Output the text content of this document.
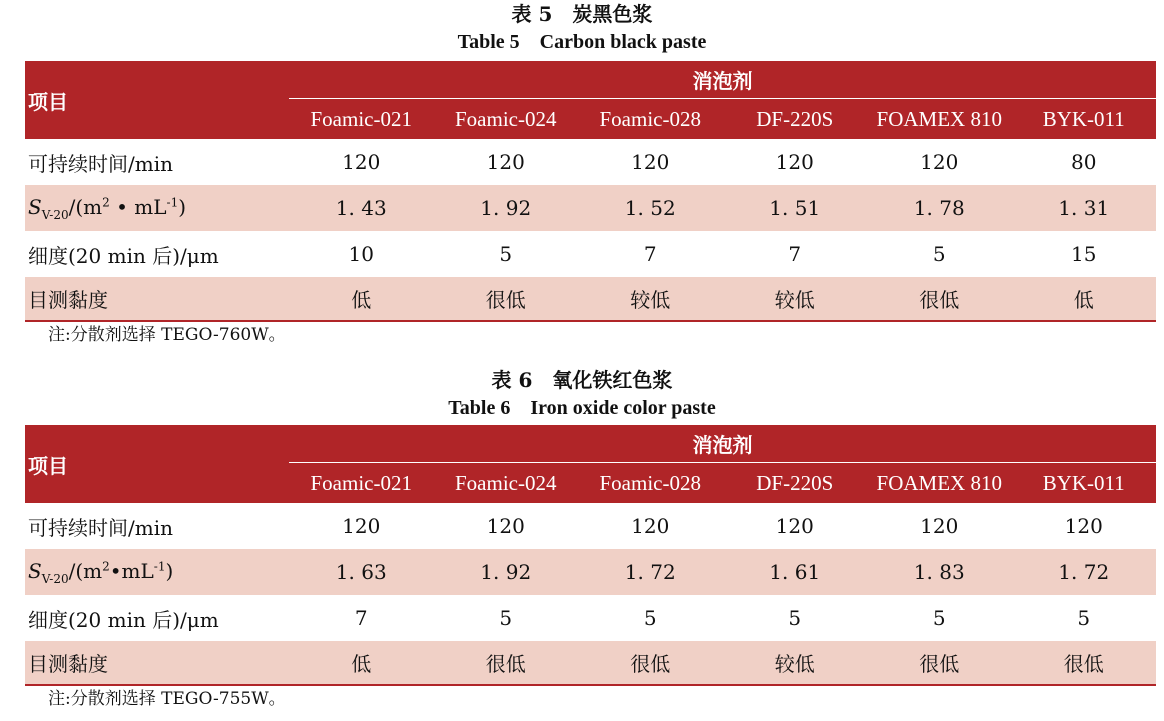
表 5　炭黑色浆
Table 5　Carbon black paste
项目	消泡剂					
	Foamic-021	Foamic-024	Foamic-028	DF-220S	FOAMEX 810	BYK-011
可持续时间/min	120	120	120	120	120	80
$S_{V-20}/(m^2$ • $mL^{-1}$)	1. 43	1. 92	1. 52	1. 51	1. 78	1. 31
细度(20 min 后)/μm	10	5	7	7	5	15
目测黏度	低	很低	较低	较低	很低	低
注:分散剂选择 TEGO-760W。
表 6　氧化铁红色浆
Table 6　Iron oxide color paste
项目	消泡剂					
	Foamic-021	Foamic-024	Foamic-028	DF-220S	FOAMEX 810	BYK-011
可持续时间/min	120	120	120	120	120	120
$S_{V-20}/(m^2•mL^{-1})$	1. 63	1. 92	1. 72	1. 61	1. 83	1. 72
细度(20 min 后)/μm	7	5	5	5	5	5
目测黏度	低	很低	很低	较低	很低	很低
注:分散剂选择 TEGO-755W。
